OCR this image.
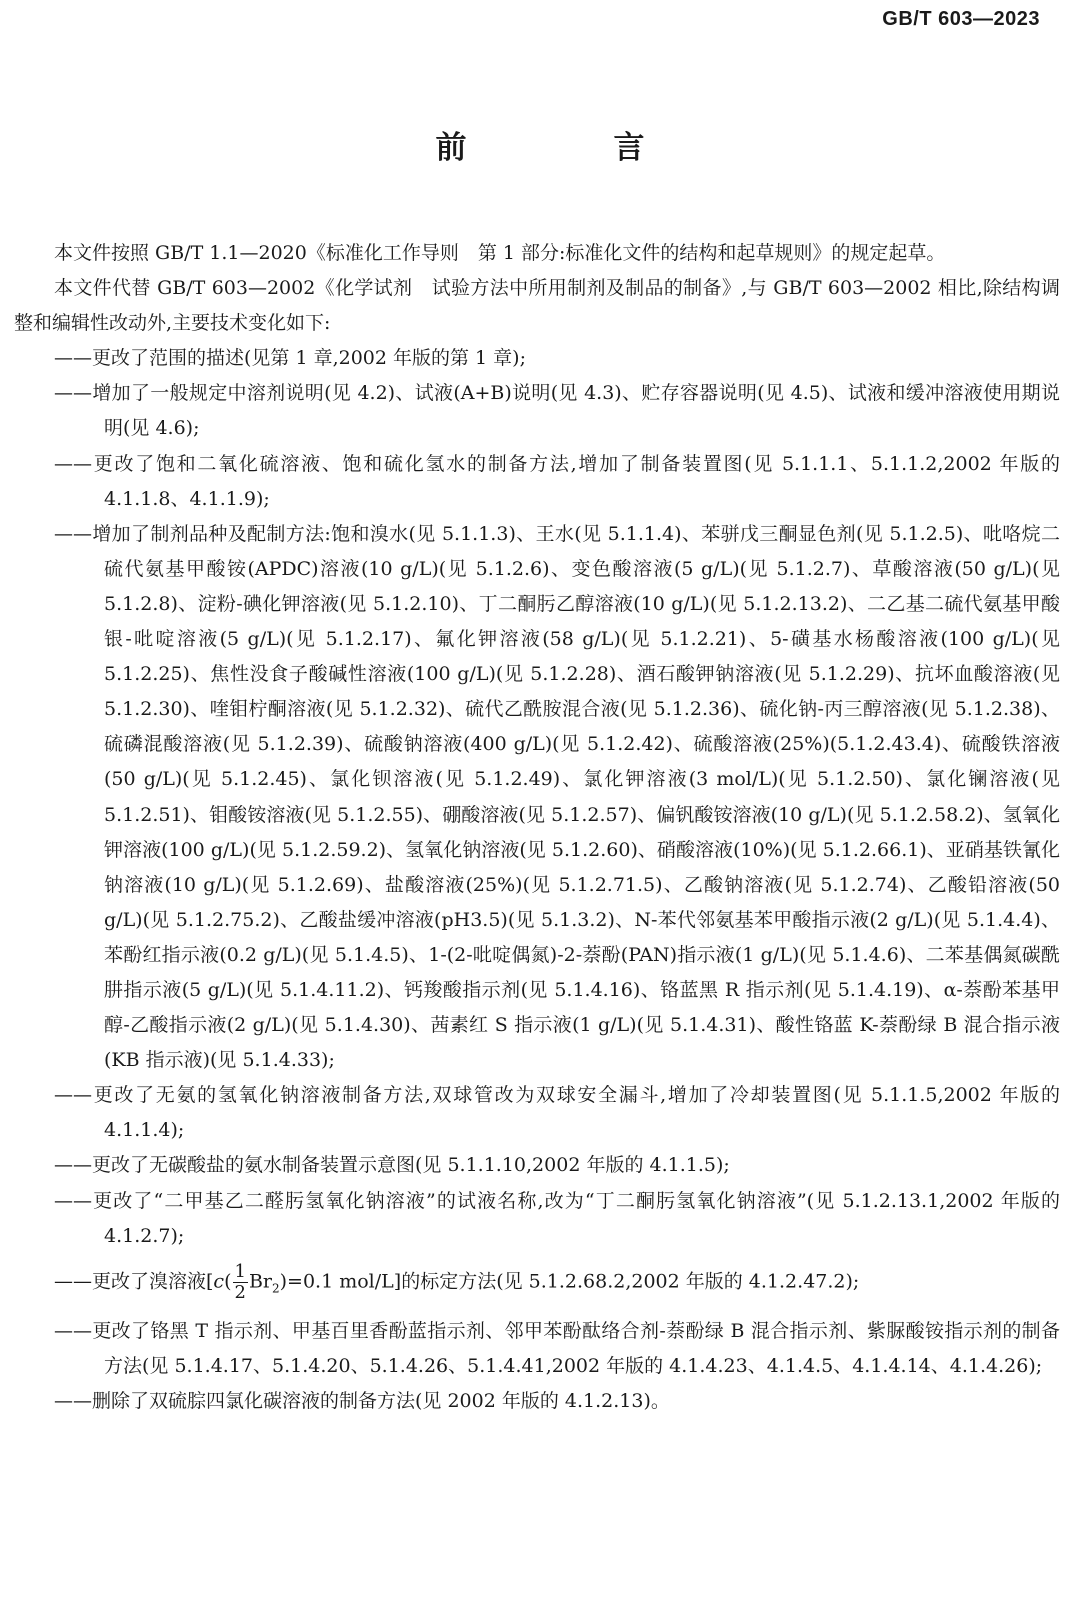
GB/T 603—2023
前　言

本文件按照 GB/T 1.1—2020《标准化工作导则　第 1 部分:标准化文件的结构和起草规则》的规定起草。

本文件代替 GB/T 603—2002《化学试剂　试验方法中所用制剂及制品的制备》,与 GB/T 603—2002 相比,除结构调整和编辑性改动外,主要技术变化如下:

——更改了范围的描述(见第 1 章,2002 年版的第 1 章);
——增加了一般规定中溶剂说明(见 4.2)、试液(A+B)说明(见 4.3)、贮存容器说明(见 4.5)、试液和缓冲溶液使用期说明(见 4.6);
——更改了饱和二氧化硫溶液、饱和硫化氢水的制备方法,增加了制备装置图(见 5.1.1.1、5.1.1.2,2002 年版的 4.1.1.8、4.1.1.9);
——增加了制剂品种及配制方法:饱和溴水(见 5.1.1.3)、王水(见 5.1.1.4)、苯骈戊三酮显色剂(见 5.1.2.5)、吡咯烷二硫代氨基甲酸铵(APDC)溶液(10 g/L)(见 5.1.2.6)、变色酸溶液(5 g/L)(见 5.1.2.7)、草酸溶液(50 g/L)(见 5.1.2.8)、淀粉-碘化钾溶液(见 5.1.2.10)、丁二酮肟乙醇溶液(10 g/L)(见 5.1.2.13.2)、二乙基二硫代氨基甲酸银-吡啶溶液(5 g/L)(见 5.1.2.17)、氟化钾溶液(58 g/L)(见 5.1.2.21)、5-磺基水杨酸溶液(100 g/L)(见 5.1.2.25)、焦性没食子酸碱性溶液(100 g/L)(见 5.1.2.28)、酒石酸钾钠溶液(见 5.1.2.29)、抗坏血酸溶液(见 5.1.2.30)、喹钼柠酮溶液(见 5.1.2.32)、硫代乙酰胺混合液(见 5.1.2.36)、硫化钠-丙三醇溶液(见 5.1.2.38)、硫磷混酸溶液(见 5.1.2.39)、硫酸钠溶液(400 g/L)(见 5.1.2.42)、硫酸溶液(25%)(5.1.2.43.4)、硫酸铁溶液(50 g/L)(见 5.1.2.45)、氯化钡溶液(见 5.1.2.49)、氯化钾溶液(3 mol/L)(见 5.1.2.50)、氯化镧溶液(见 5.1.2.51)、钼酸铵溶液(见 5.1.2.55)、硼酸溶液(见 5.1.2.57)、偏钒酸铵溶液(10 g/L)(见 5.1.2.58.2)、氢氧化钾溶液(100 g/L)(见 5.1.2.59.2)、氢氧化钠溶液(见 5.1.2.60)、硝酸溶液(10%)(见 5.1.2.66.1)、亚硝基铁氰化钠溶液(10 g/L)(见 5.1.2.69)、盐酸溶液(25%)(见 5.1.2.71.5)、乙酸钠溶液(见 5.1.2.74)、乙酸铅溶液(50 g/L)(见 5.1.2.75.2)、乙酸盐缓冲溶液(pH3.5)(见 5.1.3.2)、N-苯代邻氨基苯甲酸指示液(2 g/L)(见 5.1.4.4)、苯酚红指示液(0.2 g/L)(见 5.1.4.5)、1-(2-吡啶偶氮)-2-萘酚(PAN)指示液(1 g/L)(见 5.1.4.6)、二苯基偶氮碳酰肼指示液(5 g/L)(见 5.1.4.11.2)、钙羧酸指示剂(见 5.1.4.16)、铬蓝黑 R 指示剂(见 5.1.4.19)、α-萘酚苯基甲醇-乙酸指示液(2 g/L)(见 5.1.4.30)、茜素红 S 指示液(1 g/L)(见 5.1.4.31)、酸性铬蓝 K-萘酚绿 B 混合指示液(KB 指示液)(见 5.1.4.33);
——更改了无氨的氢氧化钠溶液制备方法,双球管改为双球安全漏斗,增加了冷却装置图(见 5.1.1.5,2002 年版的 4.1.1.4);
——更改了无碳酸盐的氨水制备装置示意图(见 5.1.1.10,2002 年版的 4.1.1.5);
——更改了“二甲基乙二醛肟氢氧化钠溶液”的试液名称,改为“丁二酮肟氢氧化钠溶液”(见 5.1.2.13.1,2002 年版的 4.1.2.7);
——更改了溴溶液[$c( \frac{1}{2} Br_2)=0.1$ mol/L]的标定方法(见 5.1.2.68.2,2002 年版的 4.1.2.47.2);
——更改了铬黑 T 指示剂、甲基百里香酚蓝指示剂、邻甲苯酚酞络合剂-萘酚绿 B 混合指示剂、紫脲酸铵指示剂的制备方法(见 5.1.4.17、5.1.4.20、5.1.4.26、5.1.4.41,2002 年版的 4.1.4.23、4.1.4.5、4.1.4.14、4.1.4.26);
——删除了双硫腙四氯化碳溶液的制备方法(见 2002 年版的 4.1.2.13)。
